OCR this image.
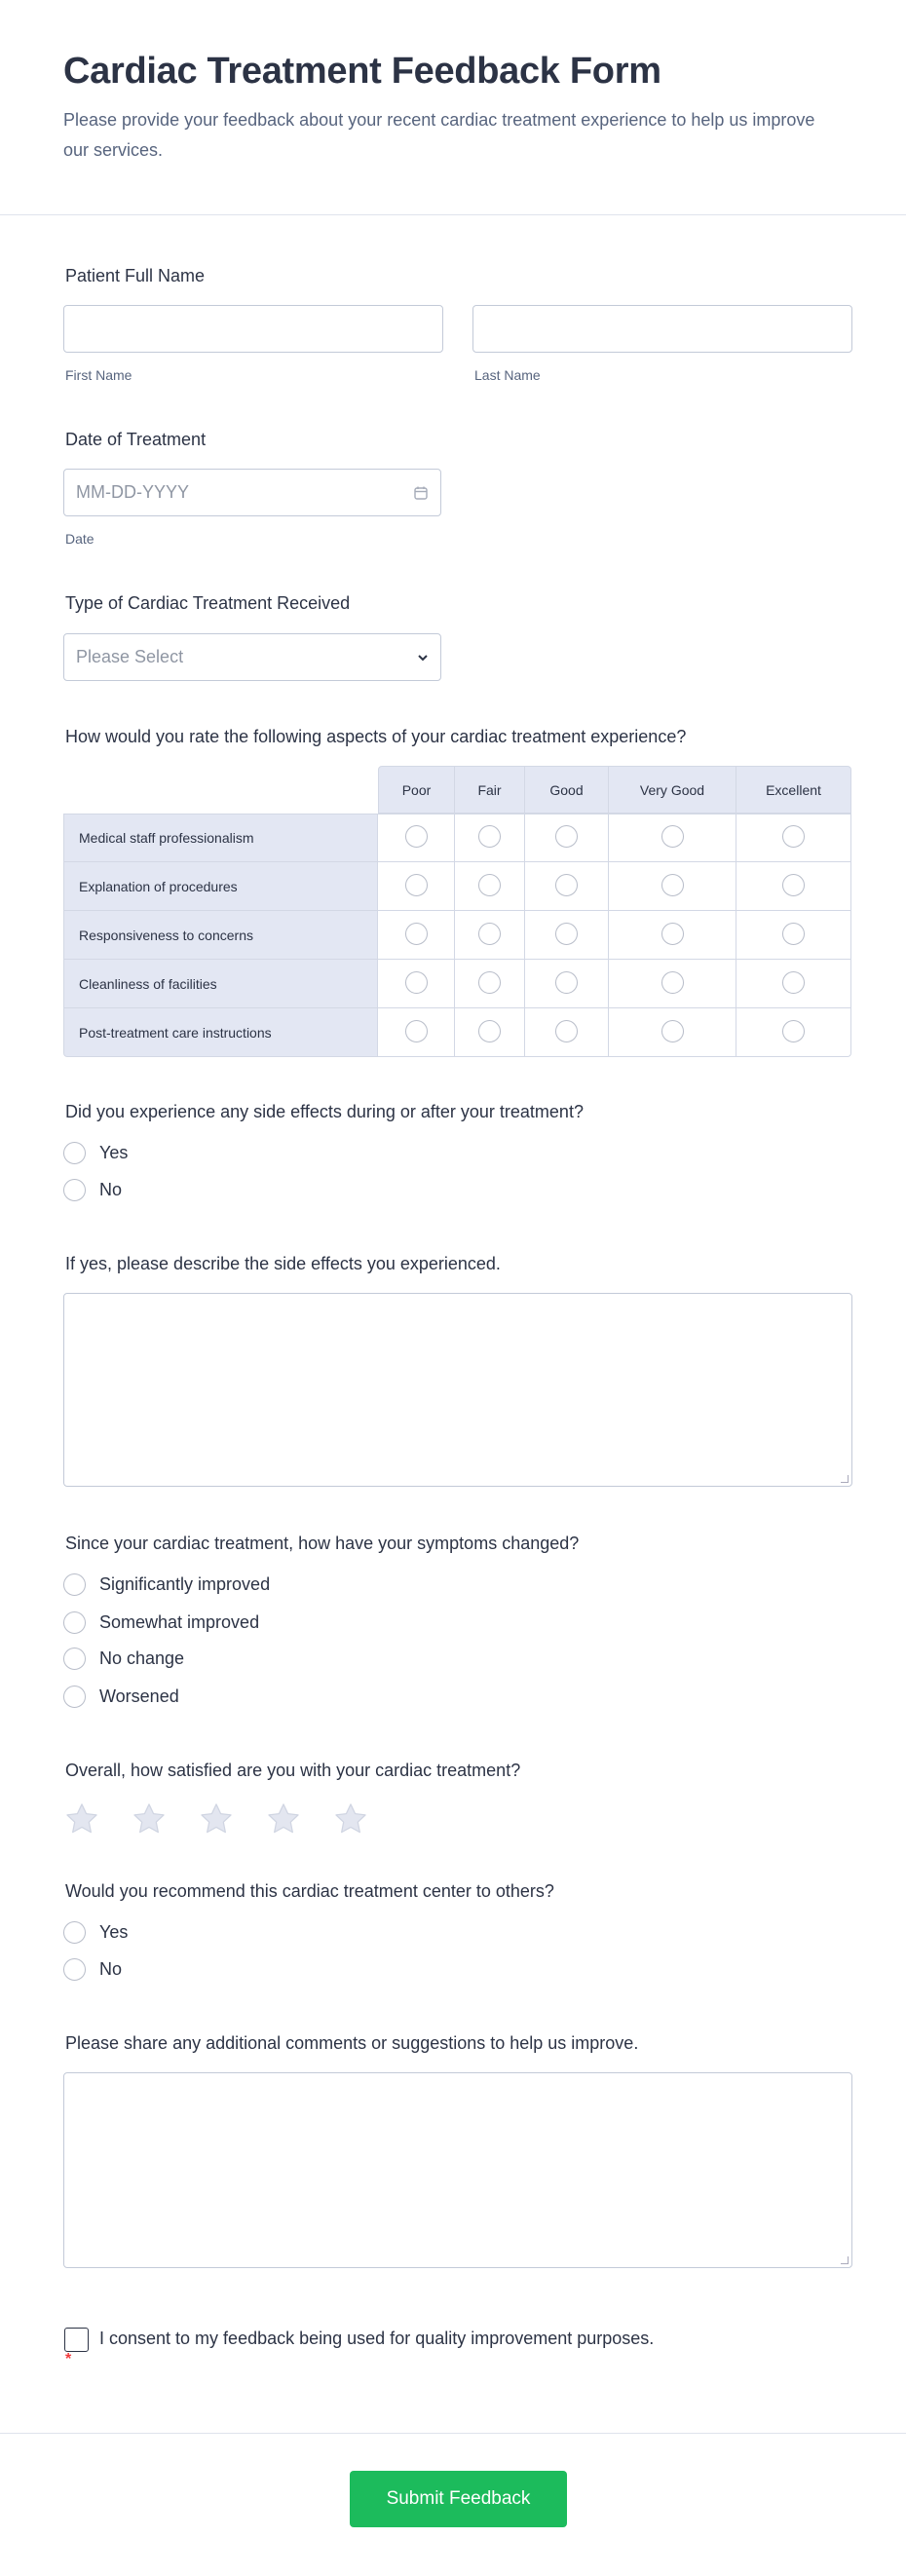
Cardiac Treatment Feedback Form

Please provide your feedback about your recent cardiac treatment experience to help us improve our services.

Patient Full Name
First Name	Last Name
Date of Treatment
MM-DD-YYYY
Date
Type of Cardiac Treatment Received
Please Select
How would you rate the following aspects of your cardiac treatment experience?
	Poor	Fair	Good	Very Good	Excellent
Medical staff professionalism					
Explanation of procedures					
Responsiveness to concerns					
Cleanliness of facilities					
Post-treatment care instructions					
Did you experience any side effects during or after your treatment?
Yes
No
If yes, please describe the side effects you experienced.
Since your cardiac treatment, how have your symptoms changed?
Significantly improved
Somewhat improved
No change
Worsened
Overall, how satisfied are you with your cardiac treatment?
Would you recommend this cardiac treatment center to others?
Yes
No
Please share any additional comments or suggestions to help us improve.
I consent to my feedback being used for quality improvement purposes.
*
Submit Feedback
